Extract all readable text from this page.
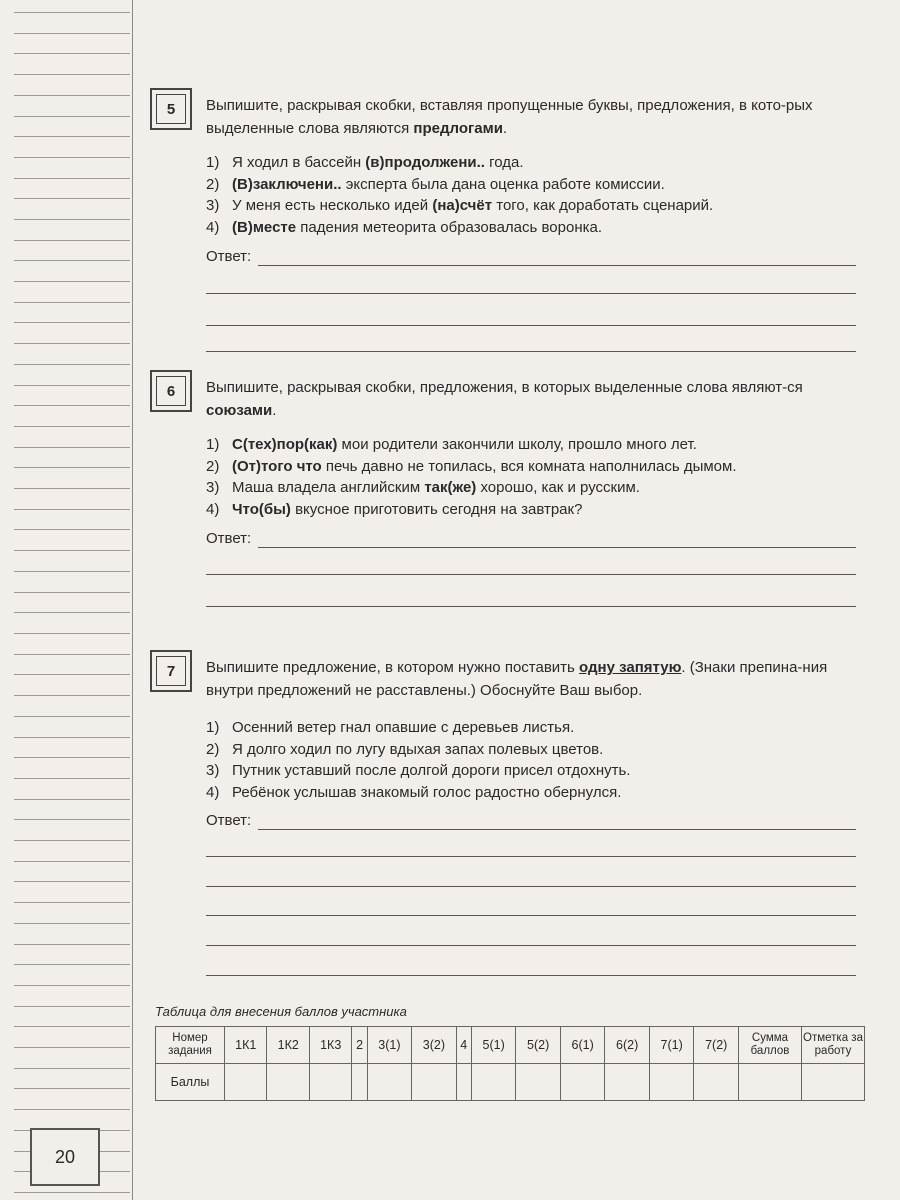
20
5	Выпишите, раскрывая скобки, вставляя пропущенные буквы, предложения, в кото-рых выделенные слова являются предлогами.
1) Я ходил в бассейн (в)продолжени.. года.
2) (В)заключени.. эксперта была дана оценка работе комиссии.
3) У меня есть несколько идей (на)счёт того, как доработать сценарий.
4) (В)месте падения метеорита образовалась воронка.
Ответ:
6	Выпишите, раскрывая скобки, предложения, в которых выделенные слова являют-ся союзами.
1) С(тех)пор(как) мои родители закончили школу, прошло много лет.
2) (От)того что печь давно не топилась, вся комната наполнилась дымом.
3) Маша владела английским так(же) хорошо, как и русским.
4) Что(бы) вкусное приготовить сегодня на завтрак?
Ответ:
7	Выпишите предложение, в котором нужно поставить одну запятую. (Знаки препина-ния внутри предложений не расставлены.) Обоснуйте Ваш выбор.
1) Осенний ветер гнал опавшие с деревьев листья.
2) Я долго ходил по лугу вдыхая запах полевых цветов.
3) Путник уставший после долгой дороги присел отдохнуть.
4) Ребёнок услышав знакомый голос радостно обернулся.
Ответ:
Таблица для внесения баллов участника
Номер задания	1К1	1К2	1К3	2	3(1)	3(2)	4	5(1)	5(2)	6(1)	6(2)	7(1)	7(2)	Сумма баллов	Отметка за работу
Баллы															
